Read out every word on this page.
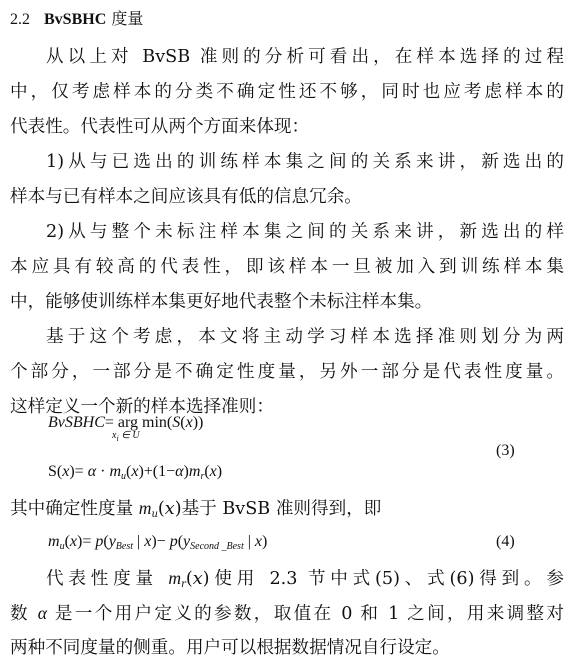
2.2 BvSBHC 度量
从以上对 BvSB 准则的分析可看出，在样本选择的过程
中，仅考虑样本的分类不确定性还不够，同时也应考虑样本的
代表性。代表性可从两个方面来体现：
1)从与已选出的训练样本集之间的关系来讲，新选出的
样本与已有样本之间应该具有低的信息冗余。
2)从与整个未标注样本集之间的关系来讲，新选出的样
本应具有较高的代表性，即该样本一旦被加入到训练样本集
中，能够使训练样本集更好地代表整个未标注样本集。
基于这个考虑，本文将主动学习样本选择准则划分为两
个部分，一部分是不确定性度量，另外一部分是代表性度量。
这样定义一个新的样本选择准则：
BvSBHC= arg min(S(x))
$x_i$ ∈ U
(3)
$S(x)= \alpha \cdot m_u(x)+(1-\alpha)m_r(x)$
其中确定性度量 $m_u(x)$基于 BvSB 准则得到，即
$m_u(x)= p(y_{Best}$ | $x)- p(y_{Second \_Best}$ | x)	(4)
代表性度量 $m_r(x)$使用 2.3 节中式(5)、式(6)得到。参
数 α 是一个用户定义的参数，取值在 0 和 1 之间，用来调整对
两种不同度量的侧重。用户可以根据数据情况自行设定。
